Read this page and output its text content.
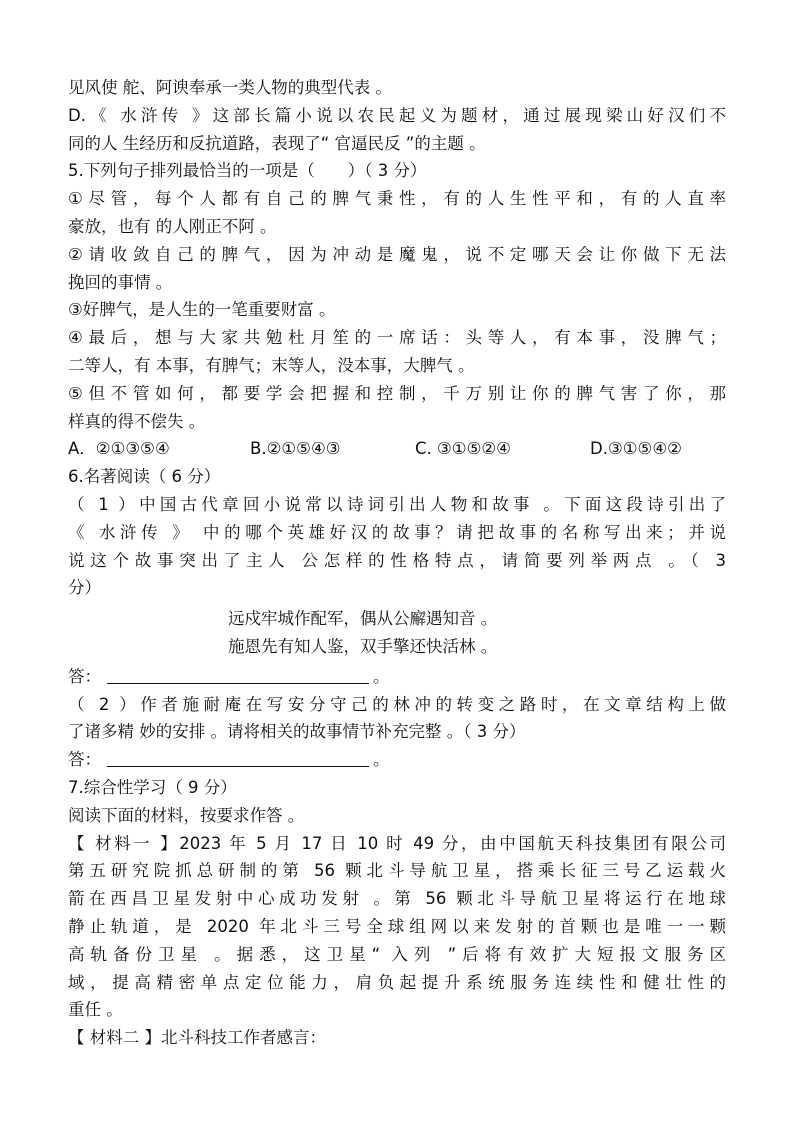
见风使 舵、阿谀奉承一类人物的典型代表 。
D.《 水浒传 》这部长篇小说以农民起义为题材，通过展现梁山好汉们不
同的人 生经历和反抗道路，表现了“ 官逼民反 ”的主题 。
5.下列句子排列最恰当的一项是（　　）（ 3 分）
①尽管，每个人都有自己的脾气秉性，有的人生性平和，有的人直率
豪放，也有 的人刚正不阿 。
②请收敛自己的脾气，因为冲动是魔鬼，说不定哪天会让你做下无法
挽回的事情 。
③好脾气，是人生的一笔重要财富 。
④最后，想与大家共勉杜月笙的一席话：头等人，有本事，没脾气；
二等人，有 本事，有脾气；末等人，没本事，大脾气 。
⑤但不管如何，都要学会把握和控制，千万别让你的脾气害了你，那
样真的得不偿失 。
A．②①③⑤④	B.②①⑤④③	C. ③①⑤②④	D.③①⑤④②
6.名著阅读（ 6 分）
（ 1 ）中国古代章回小说常以诗词引出人物和故事 。下面这段诗引出了
《 水浒传 》 中的哪个英雄好汉的故事？请把故事的名称写出来；并说
说这个故事突出了主人 公怎样的性格特点，请简要列举两点 。（ 3
分）
远戍牢城作配军，偶从公廨遇知音 。
施恩先有知人鉴，双手擎还快活林 。
答：	。
（ 2 ）作者施耐庵在写安分守己的林冲的转变之路时，在文章结构上做
了诸多精 妙的安排 。请将相关的故事情节补充完整 。（ 3 分）
答：	。
7.综合性学习（ 9 分）
阅读下面的材料，按要求作答 。
【 材料一 】2023 年 5 月 17 日 10 时 49 分，由中国航天科技集团有限公司
第五研究院抓总研制的第 56 颗北斗导航卫星，搭乘长征三号乙运载火
箭在西昌卫星发射中心成功发射 。第 56 颗北斗导航卫星将运行在地球
静止轨道，是 2020 年北斗三号全球组网以来发射的首颗也是唯一一颗
高轨备份卫星 。据悉，这卫星“ 入列 ”后将有效扩大短报文服务区
域，提高精密单点定位能力，肩负起提升系统服务连续性和健壮性的
重任 。
【 材料二 】北斗科技工作者感言：
